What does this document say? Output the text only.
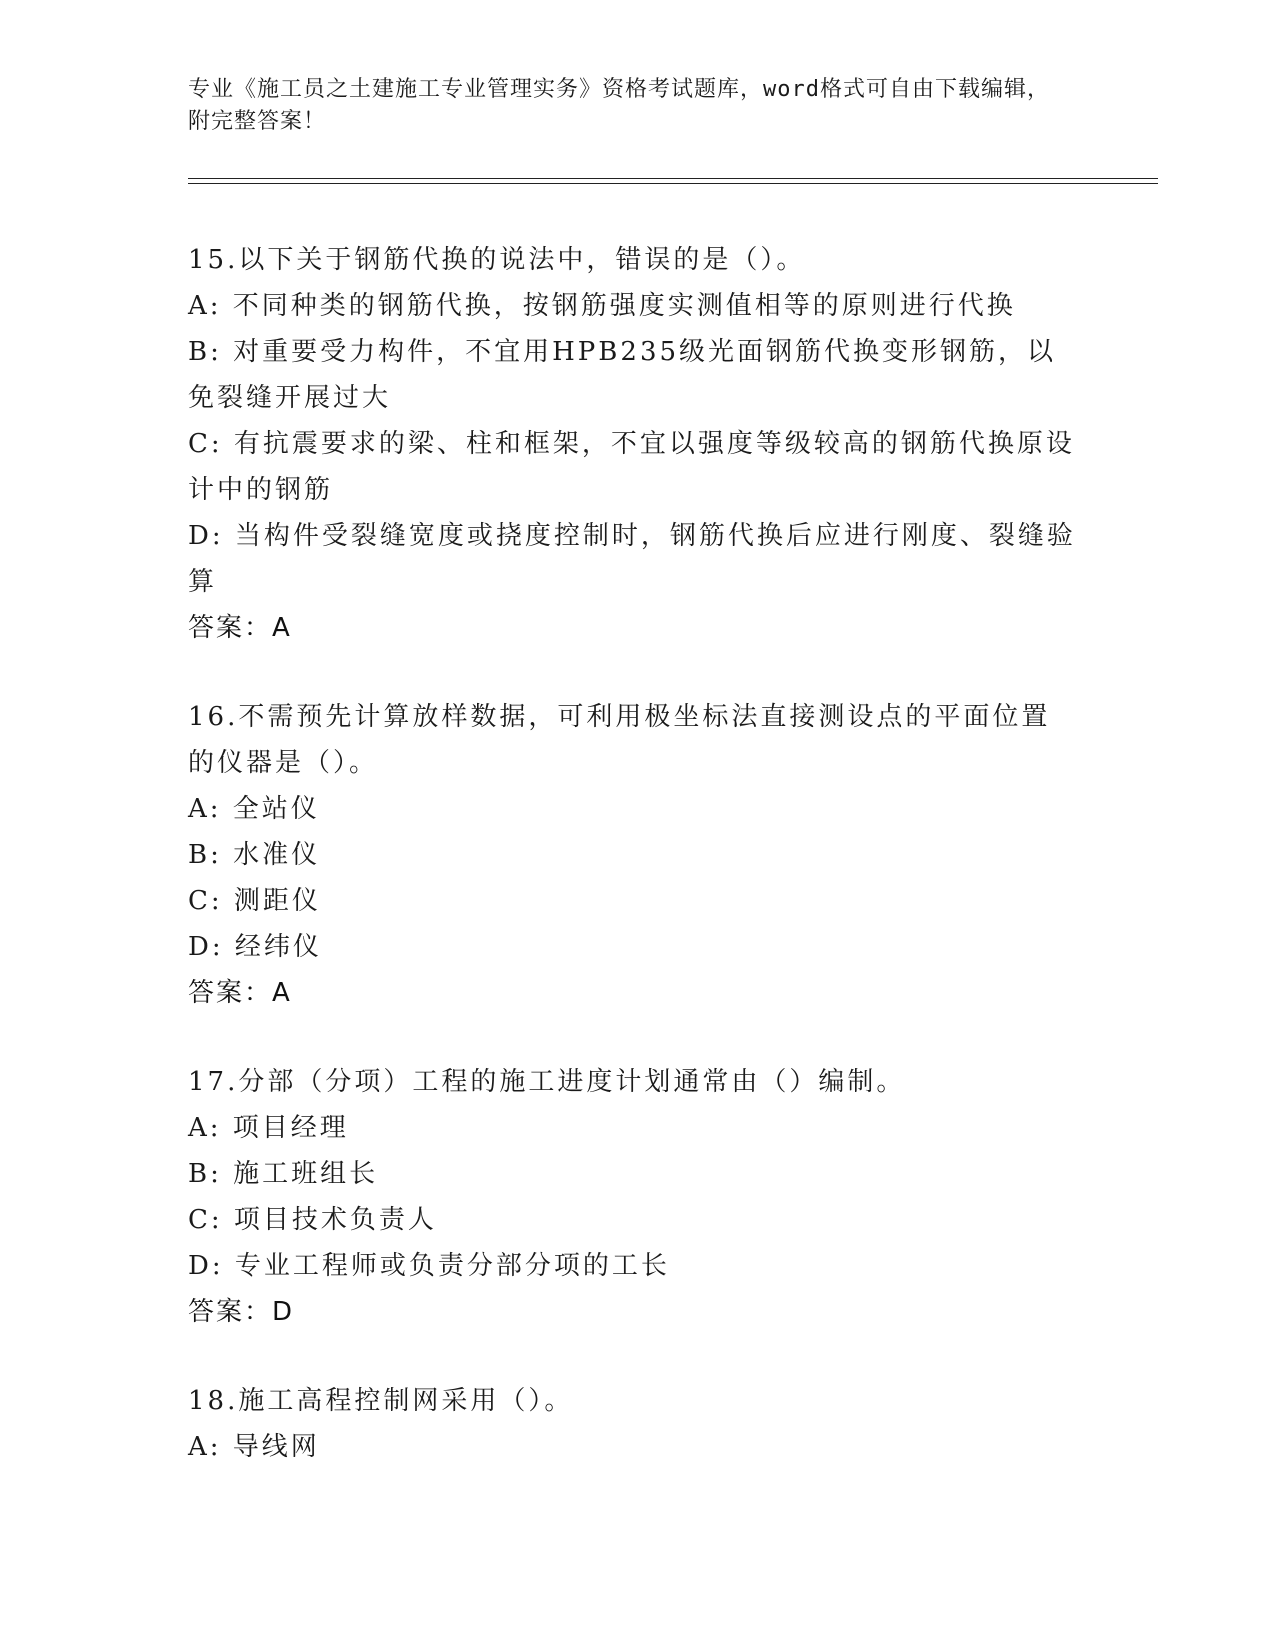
专业《施工员之土建施工专业管理实务》资格考试题库，word格式可自由下载编辑，附完整答案！

15.以下关于钢筋代换的说法中，错误的是（）。

A: 不同种类的钢筋代换，按钢筋强度实测值相等的原则进行代换

B: 对重要受力构件，不宜用HPB235级光面钢筋代换变形钢筋，以免裂缝开展过大

C: 有抗震要求的梁、柱和框架，不宜以强度等级较高的钢筋代换原设计中的钢筋

D: 当构件受裂缝宽度或挠度控制时，钢筋代换后应进行刚度、裂缝验算

答案：A

16.不需预先计算放样数据，可利用极坐标法直接测设点的平面位置的仪器是（）。

A: 全站仪

B: 水准仪

C: 测距仪

D: 经纬仪

答案：A

17.分部（分项）工程的施工进度计划通常由（）编制。

A: 项目经理

B: 施工班组长

C: 项目技术负责人

D: 专业工程师或负责分部分项的工长

答案：D

18.施工高程控制网采用（）。

A: 导线网
